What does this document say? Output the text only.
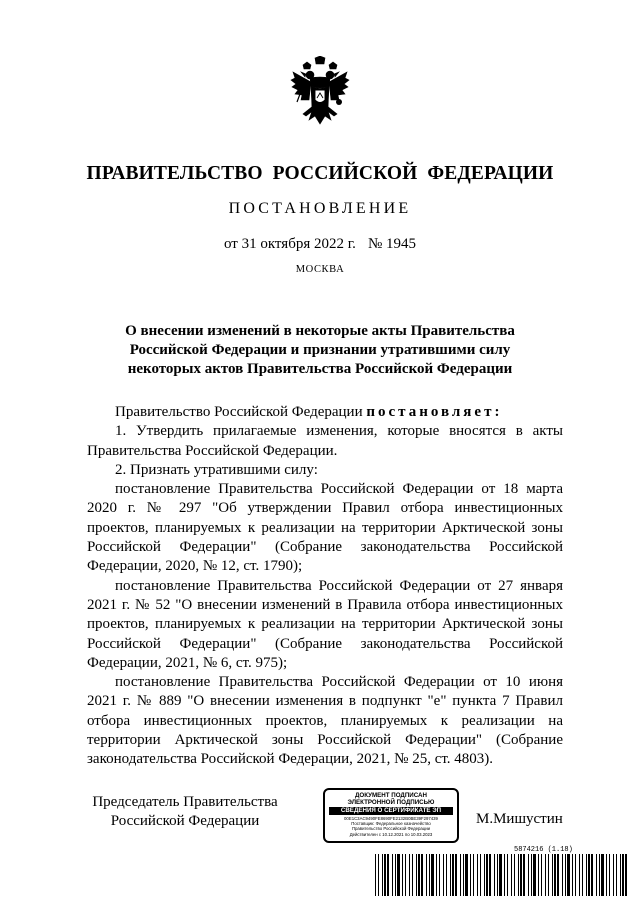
ПРАВИТЕЛЬСТВО РОССИЙСКОЙ ФЕДЕРАЦИИ
ПОСТАНОВЛЕНИЕ
от 31 октября 2022 г. № 1945
МОСКВА
О внесении изменений в некоторые акты Правительства
Российской Федерации и признании утратившими силу
некоторых актов Правительства Российской Федерации

Правительство Российской Федерации постановляет:

1. Утвердить прилагаемые изменения, которые вносятся в акты Правительства Российской Федерации.

2. Признать утратившими силу:

постановление Правительства Российской Федерации от 18 марта 2020 г. № 297 "Об утверждении Правил отбора инвестиционных проектов, планируемых к реализации на территории Арктической зоны Российской Федерации" (Собрание законодательства Российской Федерации, 2020, № 12, ст. 1790);

постановление Правительства Российской Федерации от 27 января 2021 г. № 52 "О внесении изменений в Правила отбора инвестиционных проектов, планируемых к реализации на территории Арктической зоны Российской Федерации" (Собрание законодательства Российской Федерации, 2021, № 6, ст. 975);

постановление Правительства Российской Федерации от 10 июня 2021 г. № 889 "О внесении изменения в подпункт "е" пункта 7 Правил отбора инвестиционных проектов, планируемых к реализации на территории Арктической зоны Российской Федерации" (Собрание законодательства Российской Федерации, 2021, № 25, ст. 4803).

Председатель Правительства
Российской Федерации
ДОКУМЕНТ ПОДПИСАН
ЭЛЕКТРОННОЙ ПОДПИСЬЮ
СВЕДЕНИЯ О СЕРТИФИКАТЕ ЭП
00E1C3AC9490FE8690FE2132B0BE39F297439
Поставщик: Федеральное казначейство
Правительство Российской Федерации
Действителен с 10.12.2021 по 10.03.2023
М.Мишустин
5874216 (1.18)
